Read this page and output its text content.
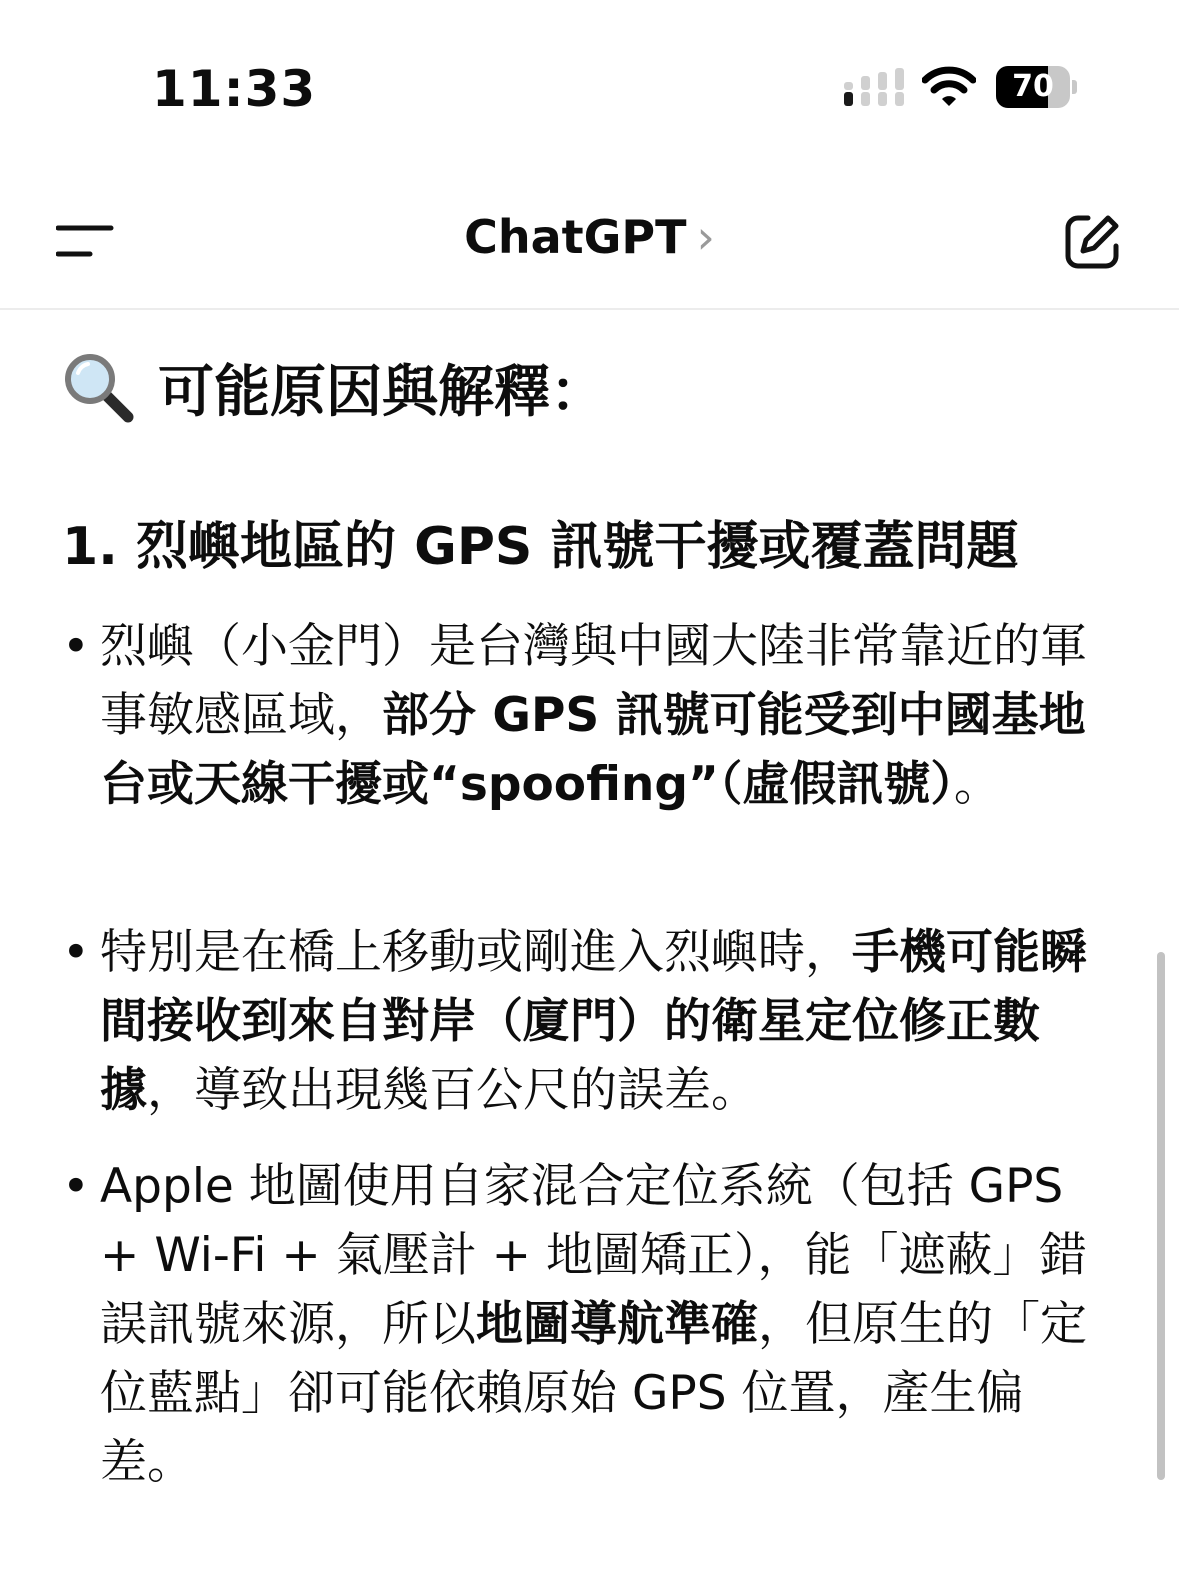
11:33	70
ChatGPT ›
可能原因與解釋：
1. 烈嶼地區的 GPS 訊號干擾或覆蓋問題
• 烈嶼（小金門）是台灣與中國大陸非常靠近的軍事敏感區域，部分 GPS 訊號可能受到中國基地台或天線干擾或“spoofing”（虛假訊號）。
• 特別是在橋上移動或剛進入烈嶼時，手機可能瞬間接收到來自對岸（廈門）的衛星定位修正數據，導致出現幾百公尺的誤差。
• Apple 地圖使用自家混合定位系統（包括 GPS + Wi-Fi + 氣壓計 + 地圖矯正），能「遮蔽」錯誤訊號來源，所以地圖導航準確，但原生的「定位藍點」卻可能依賴原始 GPS 位置，產生偏差。
